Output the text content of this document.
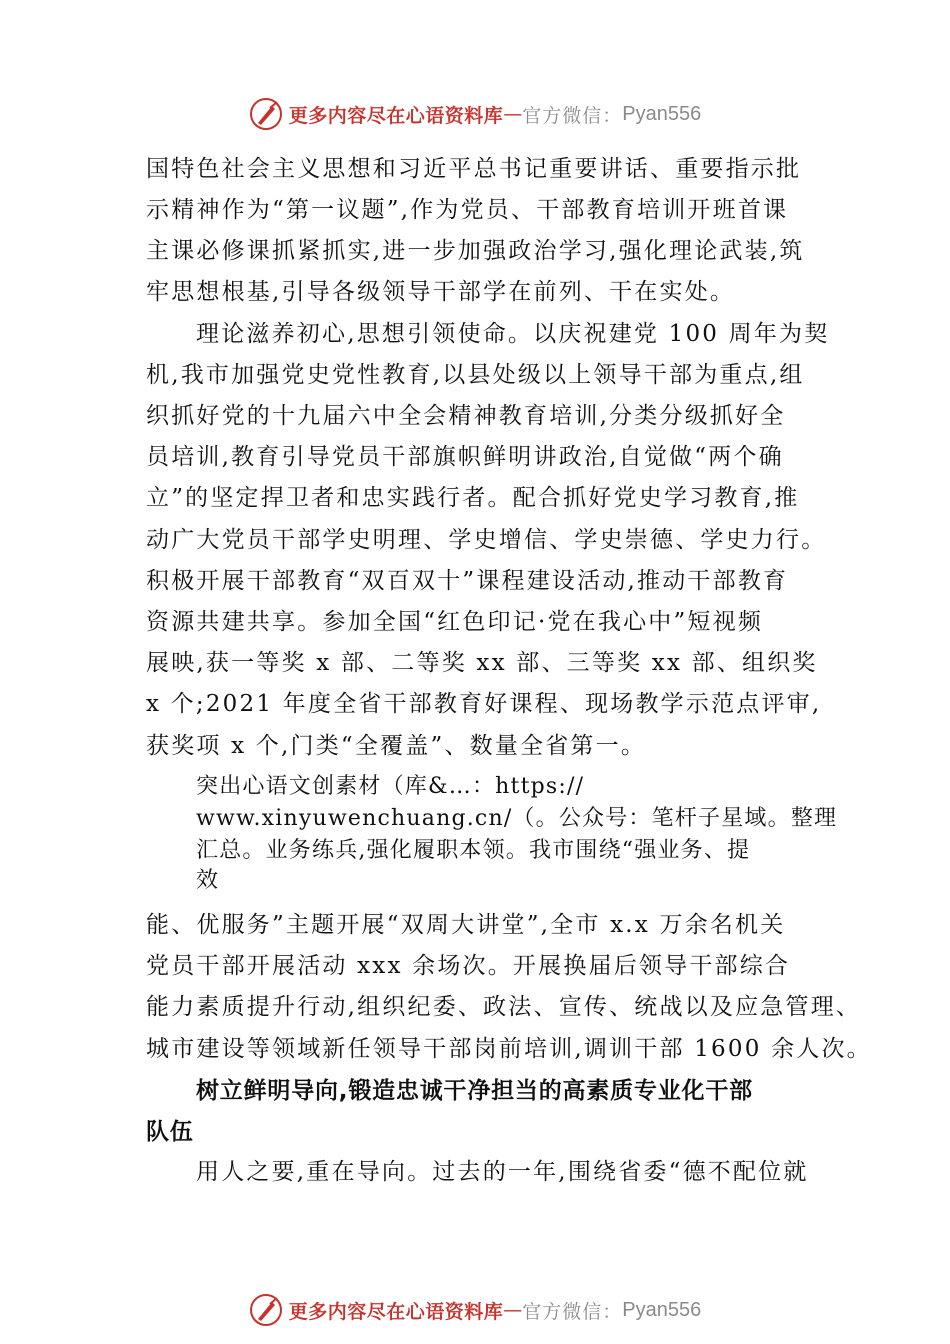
更多内容尽在心语资料库 — 官方微信： Pyan556
国特色社会主义思想和习近平总书记重要讲话、重要指示批
示精神作为“第一议题”,作为党员、干部教育培训开班首课
主课必修课抓紧抓实,进一步加强政治学习,强化理论武装,筑
牢思想根基,引导各级领导干部学在前列、干在实处。
理论滋养初心,思想引领使命。以庆祝建党 100 周年为契
机,我市加强党史党性教育,以县处级以上领导干部为重点,组
织抓好党的十九届六中全会精神教育培训,分类分级抓好全
员培训,教育引导党员干部旗帜鲜明讲政治,自觉做“两个确
立”的坚定捍卫者和忠实践行者。配合抓好党史学习教育,推
动广大党员干部学史明理、学史增信、学史崇德、学史力行。
积极开展干部教育“双百双十”课程建设活动,推动干部教育
资源共建共享。参加全国“红色印记·党在我心中”短视频
展映,获一等奖 x 部、二等奖 xx 部、三等奖 xx 部、组织奖
x 个;2021 年度全省干部教育好课程、现场教学示范点评审,
获奖项 x 个,门类“全覆盖”、数量全省第一。
突出心语文创素材（库&…：https://
www.xinyuwenchuang.cn/（。公众号：笔杆子星域。整理
汇总。业务练兵,强化履职本领。我市围绕“强业务、提
效
能、优服务”主题开展“双周大讲堂”,全市 x.x 万余名机关
党员干部开展活动 xxx 余场次。开展换届后领导干部综合
能力素质提升行动,组织纪委、政法、宣传、统战以及应急管理、
城市建设等领域新任领导干部岗前培训,调训干部 1600 余人次。
树立鲜明导向,锻造忠诚干净担当的高素质专业化干部
队伍
用人之要,重在导向。过去的一年,围绕省委“德不配位就
更多内容尽在心语资料库 — 官方微信： Pyan556
